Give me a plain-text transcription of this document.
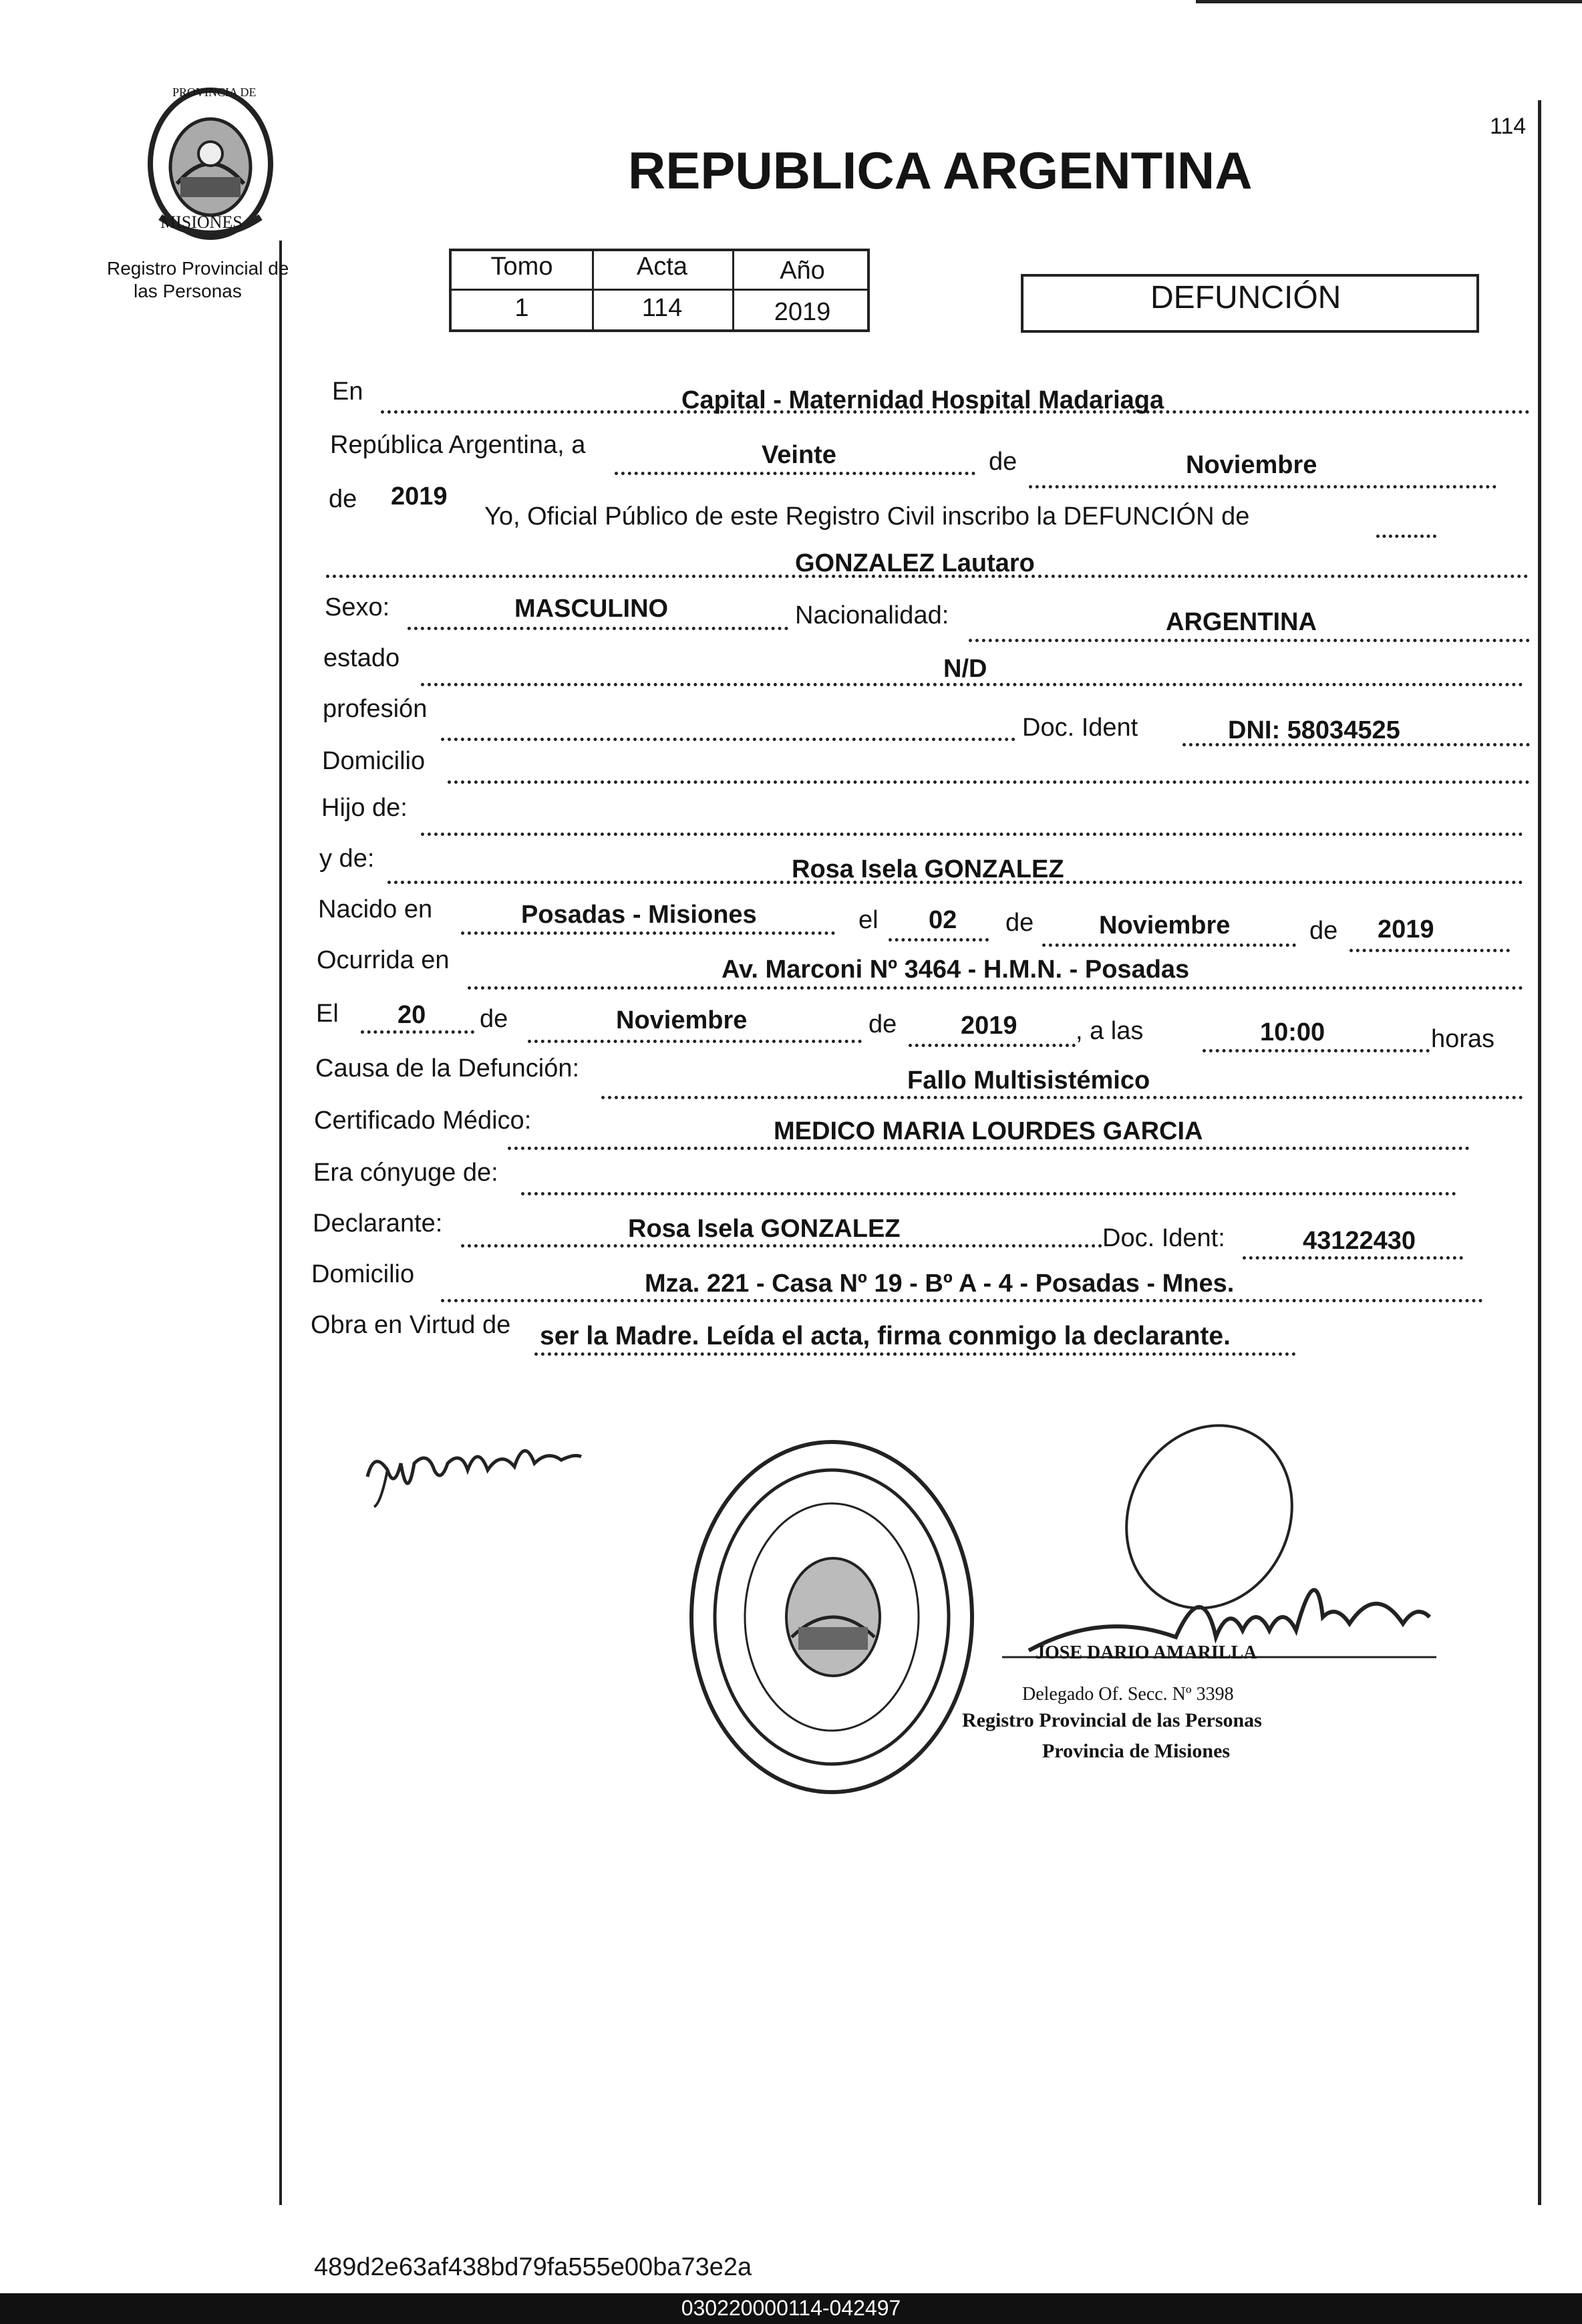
PROVINCIA DE
MISIONES
Registro Provincial de
las Personas
114
REPUBLICA ARGENTINA
Tomo	Acta	Año
1	114	2019	DEFUNCIÓN
En	Capital - Maternidad Hospital Madariaga
República Argentina, a	Veinte	de	Noviembre
de 2019
Yo, Oficial Público de este Registro Civil inscribo la DEFUNCIÓN de
GONZALEZ Lautaro
Sexo:	MASCULINO	Nacionalidad:	ARGENTINA
estado	N/D
profesión
Doc. Ident	DNI: 58034525
Domicilio
Hijo de:
y de:	Rosa Isela GONZALEZ
Nacido en	Posadas - Misiones	el 02 de	Noviembre	de 2019
Ocurrida en	Av. Marconi Nº 3464 - H.M.N. - Posadas
El 20 de	Noviembre	de	2019 , a las	10:00	horas
Causa de la Defunción:	Fallo Multisistémico
Certificado Médico:	MEDICO MARIA LOURDES GARCIA
Era cónyuge de:
Declarante:	Rosa Isela GONZALEZ	Doc. Ident:	43122430
Domicilio	Mza. 221 - Casa Nº 19 - Bº A - 4 - Posadas - Mnes.
Obra en Virtud de ser la Madre. Leída el acta, firma conmigo la declarante.
JOSE DARIO AMARILLA
Delegado Of. Secc. Nº 3398
Registro Provincial de las Personas
Provincia de Misiones
489d2e63af438bd79fa555e00ba73e2a
030220000114-042497
